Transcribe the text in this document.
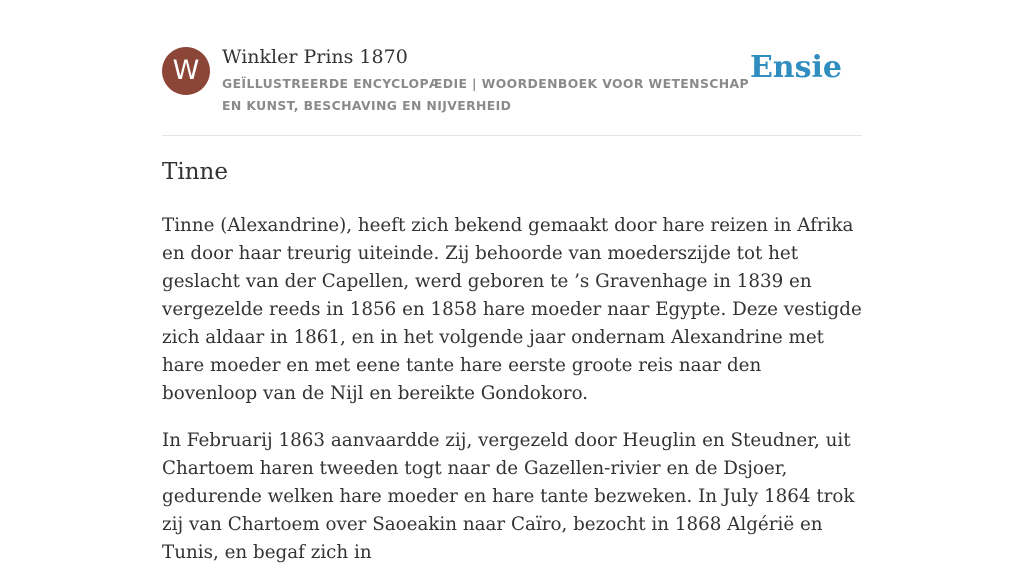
W	Winkler Prins 1870
GEÏLLUSTREERDE ENCYCLOPÆDIE | WOORDENBOEK VOOR WETENSCHAP EN KUNST, BESCHAVING EN NIJVERHEID
Ensie
Tinne

Tinne (Alexandrine), heeft zich bekend gemaakt door hare reizen in Afrika en door haar treurig uiteinde. Zij behoorde van moederszijde tot het geslacht van der Capellen, werd geboren te ’s Gravenhage in 1839 en vergezelde reeds in 1856 en 1858 hare moeder naar Egypte. Deze vestigde zich aldaar in 1861, en in het volgende jaar ondernam Alexandrine met hare moeder en met eene tante hare eerste groote reis naar den bovenloop van de Nijl en bereikte Gondokoro.

In Februarij 1863 aanvaardde zij, vergezeld door Heuglin en Steudner, uit Chartoem haren tweeden togt naar de Gazellen-rivier en de Dsjoer, gedurende welken hare moeder en hare tante bezweken. In July 1864 trok zij van Chartoem over Saoeakin naar Caïro, bezocht in 1868 Algérië en Tunis, en begaf zich in
